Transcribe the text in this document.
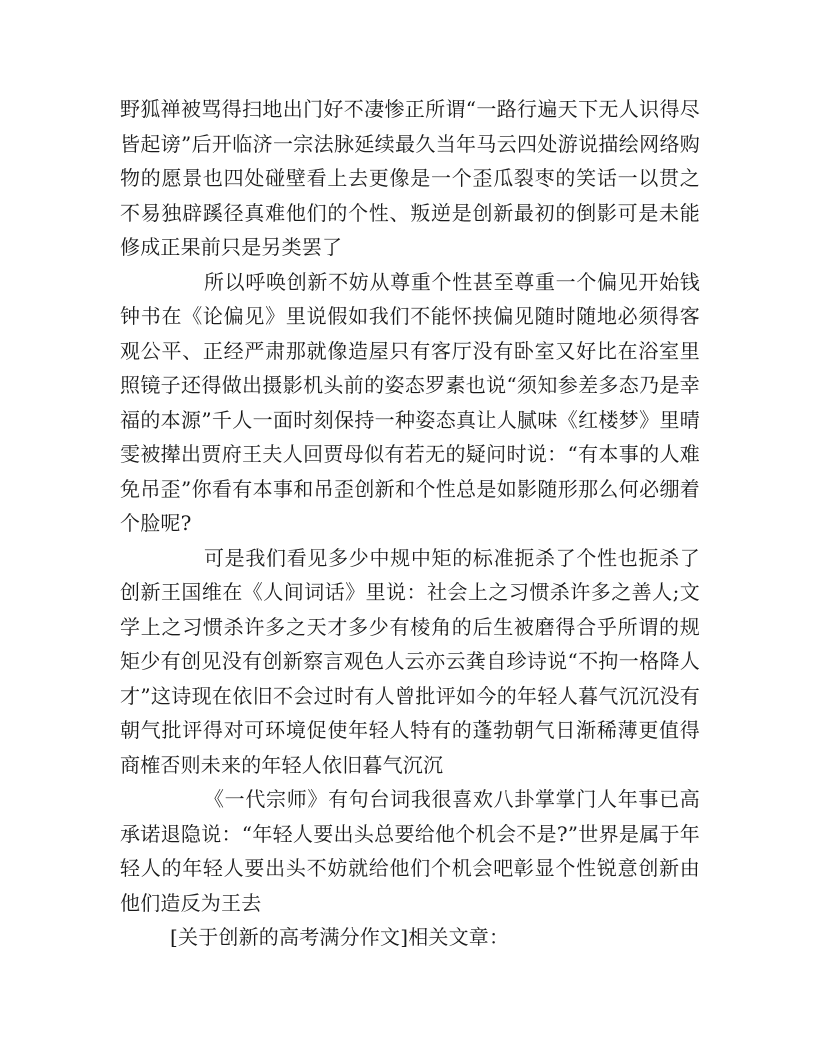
野狐禅被骂得扫地出门好不凄惨正所谓“一路行遍天下无人识得尽皆起谤”后开临济一宗法脉延续最久当年马云四处游说描绘网络购物的愿景也四处碰壁看上去更像是一个歪瓜裂枣的笑话一以贯之不易独辟蹊径真难他们的个性、叛逆是创新最初的倒影可是未能修成正果前只是另类罢了

所以呼唤创新不妨从尊重个性甚至尊重一个偏见开始钱钟书在《论偏见》里说假如我们不能怀挟偏见随时随地必须得客观公平、正经严肃那就像造屋只有客厅没有卧室又好比在浴室里照镜子还得做出摄影机头前的姿态罗素也说“须知参差多态乃是幸福的本源”千人一面时刻保持一种姿态真让人腻味《红楼梦》里晴雯被撵出贾府王夫人回贾母似有若无的疑问时说：“有本事的人难免吊歪”你看有本事和吊歪创新和个性总是如影随形那么何必绷着个脸呢?

可是我们看见多少中规中矩的标准扼杀了个性也扼杀了创新王国维在《人间词话》里说：社会上之习惯杀许多之善人;文学上之习惯杀许多之天才多少有棱角的后生被磨得合乎所谓的规矩少有创见没有创新察言观色人云亦云龚自珍诗说“不拘一格降人才”这诗现在依旧不会过时有人曾批评如今的年轻人暮气沉沉没有朝气批评得对可环境促使年轻人特有的蓬勃朝气日渐稀薄更值得商榷否则未来的年轻人依旧暮气沉沉

《一代宗师》有句台词我很喜欢八卦掌掌门人年事已高承诺退隐说：“年轻人要出头总要给他个机会不是?”世界是属于年轻人的年轻人要出头不妨就给他们个机会吧彰显个性锐意创新由他们造反为王去

[关于创新的高考满分作文]相关文章：
